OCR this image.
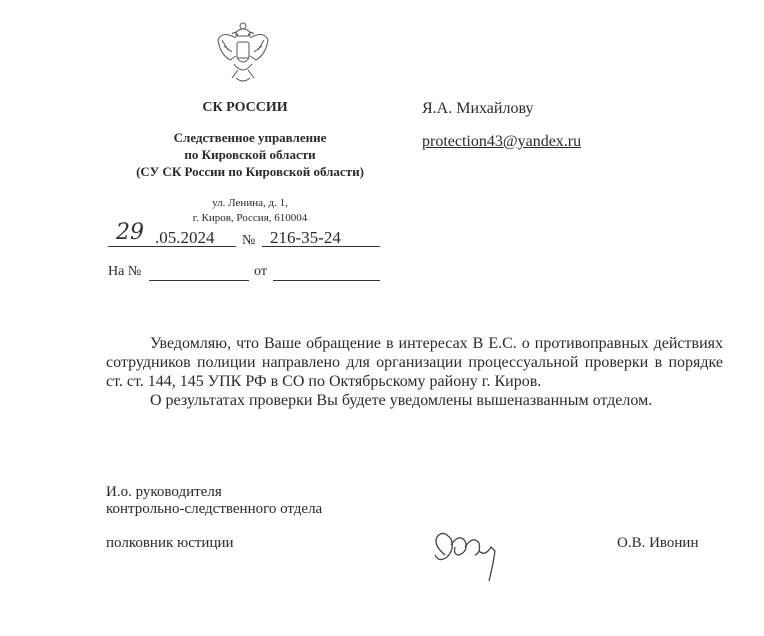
СК РОССИИ
Следственное управление
по Кировской области
(СУ СК России по Кировской области)
ул. Ленина, д. 1,
г. Киров, Россия, 610004
29 .05.2024 № 216-35-24
На №	от
Я.А. Михайлову
protection43@yandex.ru

Уведомляю, что Ваше обращение в интересах В Е.С. о противоправных действиях сотрудников полиции направлено для организации процессуальной проверки в порядке ст. ст. 144, 145 УПК РФ в СО по Октябрьскому району г. Киров.

О результатах проверки Вы будете уведомлены вышеназванным отделом.

И.о. руководителя
контрольно-следственного отдела
полковник юстиции	О.В. Ивонин
